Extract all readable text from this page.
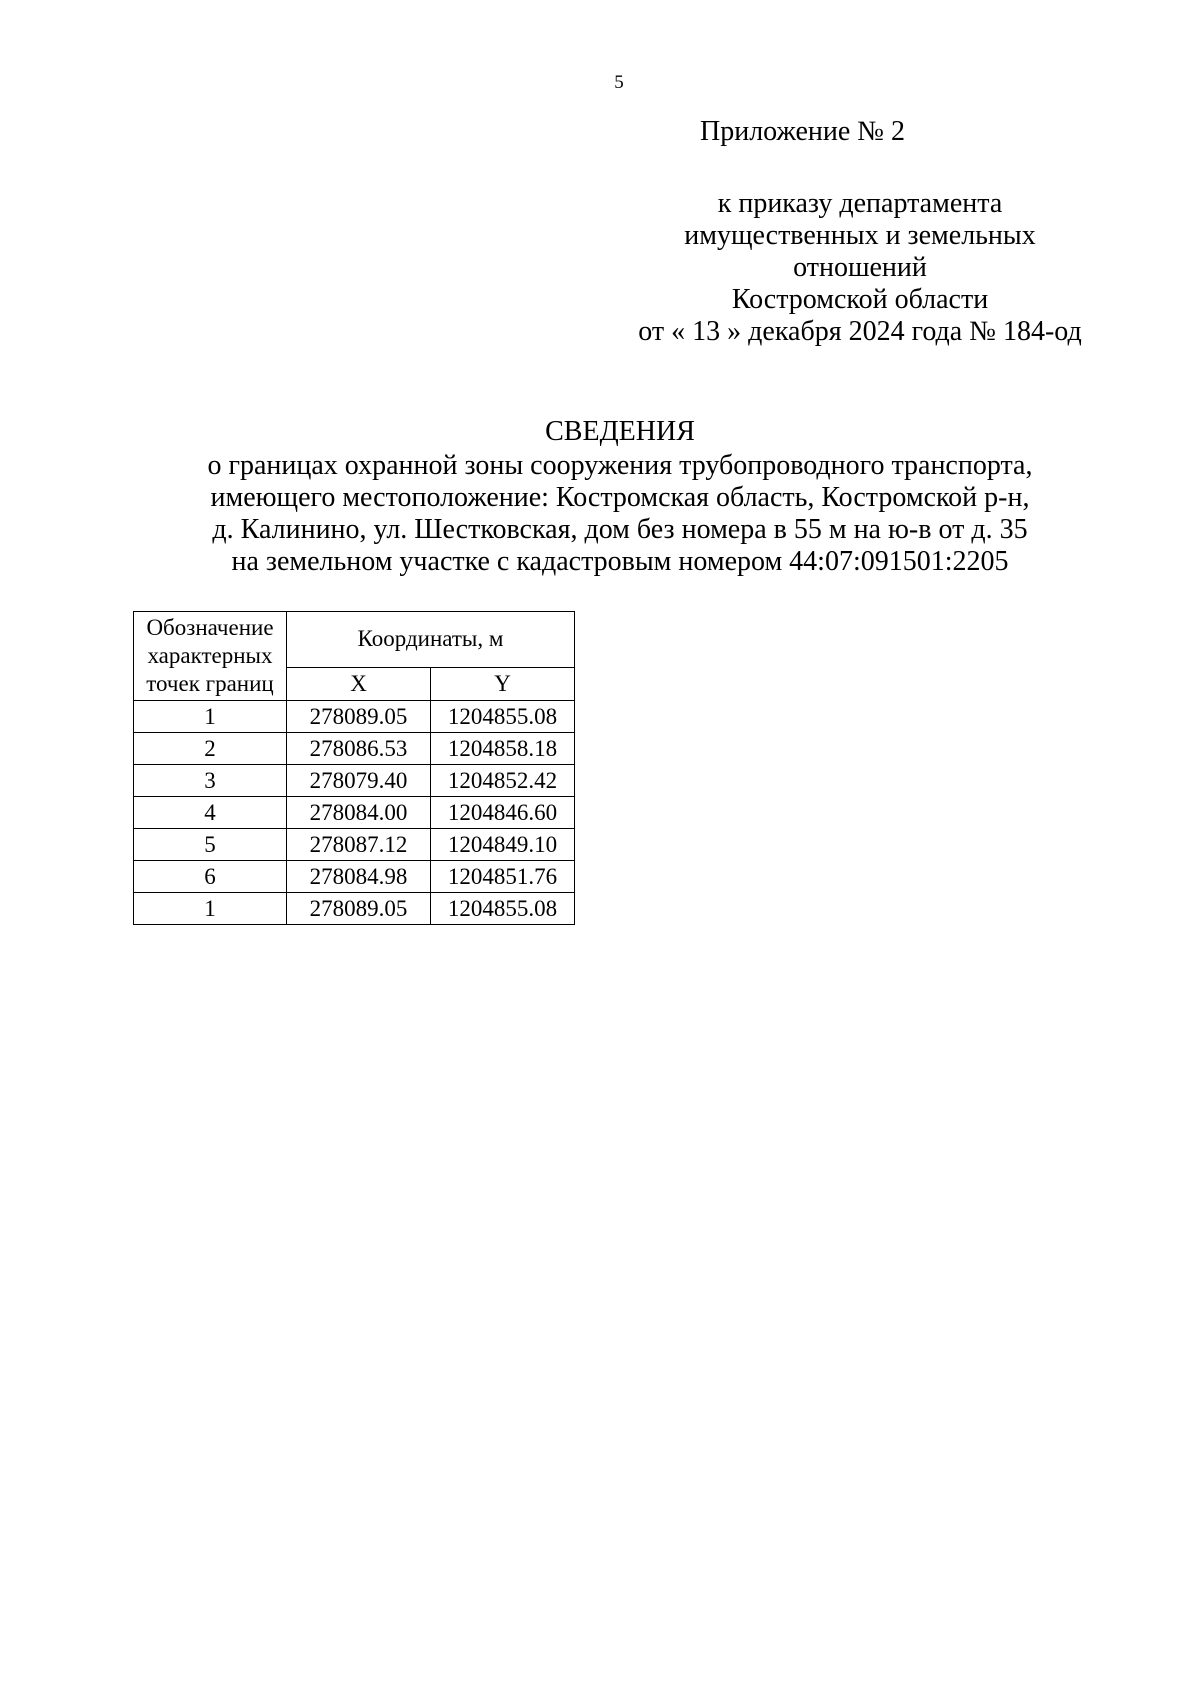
5
Приложение № 2
к приказу департамента
имущественных и земельных
отношений
Костромской области
от « 13 » декабря 2024 года № 184-од
СВЕДЕНИЯ
о границах охранной зоны сооружения трубопроводного транспорта,
имеющего местоположение: Костромская область, Костромской р-н,
д. Калинино, ул. Шестковская, дом без номера в 55 м на ю-в от д. 35
на земельном участке с кадастровым номером 44:07:091501:2205
Обозначение характерных точек границ	Координаты, м	
	X	Y
1	278089.05	1204855.08
2	278086.53	1204858.18
3	278079.40	1204852.42
4	278084.00	1204846.60
5	278087.12	1204849.10
6	278084.98	1204851.76
1	278089.05	1204855.08
